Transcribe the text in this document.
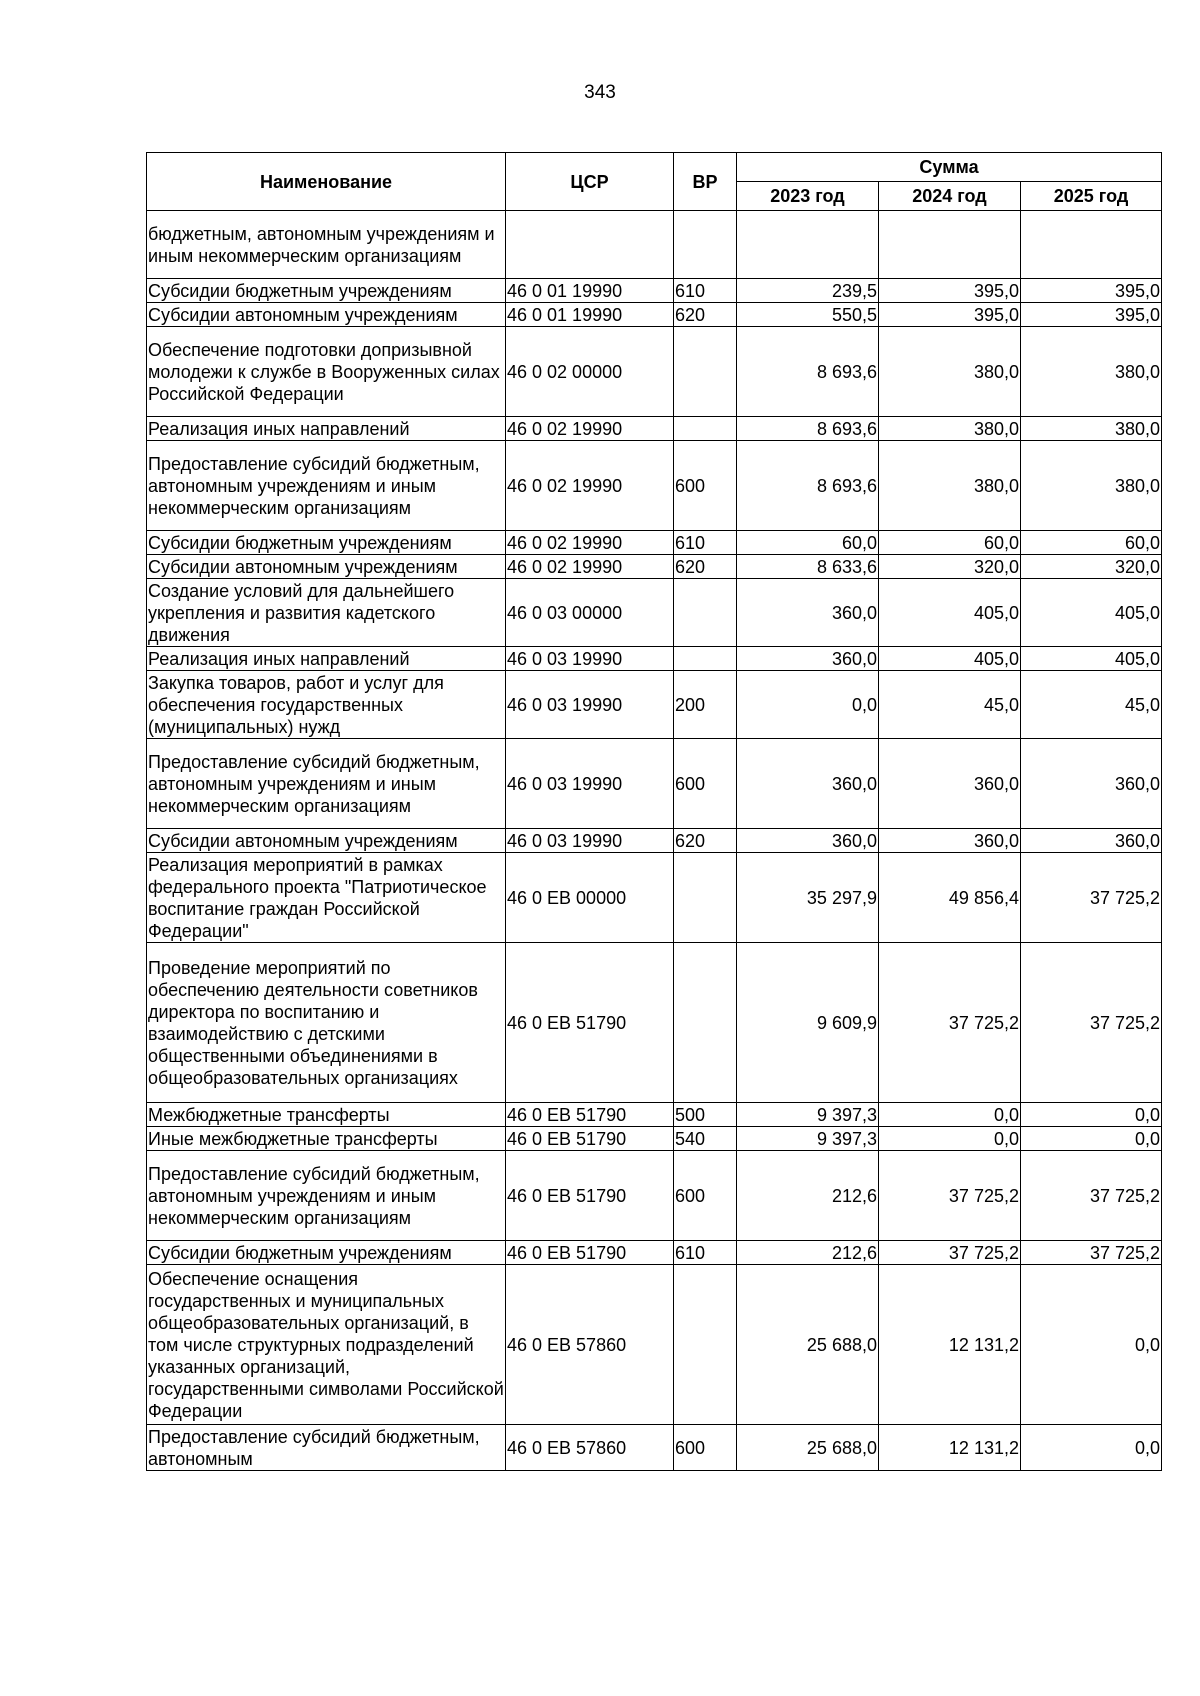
343
Наименование	ЦСР	ВР	Сумма		
			2023 год	2024 год	2025 год
бюджетным, автономным учреждениям и иным некоммерческим организациям					
Субсидии бюджетным учреждениям	46 0 01 19990	610	239,5	395,0	395,0
Субсидии автономным учреждениям	46 0 01 19990	620	550,5	395,0	395,0
Обеспечение подготовки допризывной молодежи к службе в Вооруженных силах Российской Федерации	46 0 02 00000		8 693,6	380,0	380,0
Реализация иных направлений	46 0 02 19990		8 693,6	380,0	380,0
Предоставление субсидий бюджетным, автономным учреждениям и иным некоммерческим организациям	46 0 02 19990	600	8 693,6	380,0	380,0
Субсидии бюджетным учреждениям	46 0 02 19990	610	60,0	60,0	60,0
Субсидии автономным учреждениям	46 0 02 19990	620	8 633,6	320,0	320,0
Создание условий для дальнейшего укрепления и развития кадетского движения	46 0 03 00000		360,0	405,0	405,0
Реализация иных направлений	46 0 03 19990		360,0	405,0	405,0
Закупка товаров, работ и услуг для обеспечения государственных (муниципальных) нужд	46 0 03 19990	200	0,0	45,0	45,0
Предоставление субсидий бюджетным, автономным учреждениям и иным некоммерческим организациям	46 0 03 19990	600	360,0	360,0	360,0
Субсидии автономным учреждениям	46 0 03 19990	620	360,0	360,0	360,0
Реализация мероприятий в рамках федерального проекта "Патриотическое воспитание граждан Российской Федерации"	46 0 EB 00000		35 297,9	49 856,4	37 725,2
Проведение мероприятий по обеспечению деятельности советников директора по воспитанию и взаимодействию с детскими общественными объединениями в общеобразовательных организациях	46 0 EB 51790		9 609,9	37 725,2	37 725,2
Межбюджетные трансферты	46 0 EB 51790	500	9 397,3	0,0	0,0
Иные межбюджетные трансферты	46 0 EB 51790	540	9 397,3	0,0	0,0
Предоставление субсидий бюджетным, автономным учреждениям и иным некоммерческим организациям	46 0 EB 51790	600	212,6	37 725,2	37 725,2
Субсидии бюджетным учреждениям	46 0 EB 51790	610	212,6	37 725,2	37 725,2
Обеспечение оснащения государственных и муниципальных общеобразовательных организаций, в том числе структурных подразделений указанных организаций, государственными символами Российской Федерации	46 0 EB 57860		25 688,0	12 131,2	0,0
Предоставление субсидий бюджетным, автономным	46 0 EB 57860	600	25 688,0	12 131,2	0,0
